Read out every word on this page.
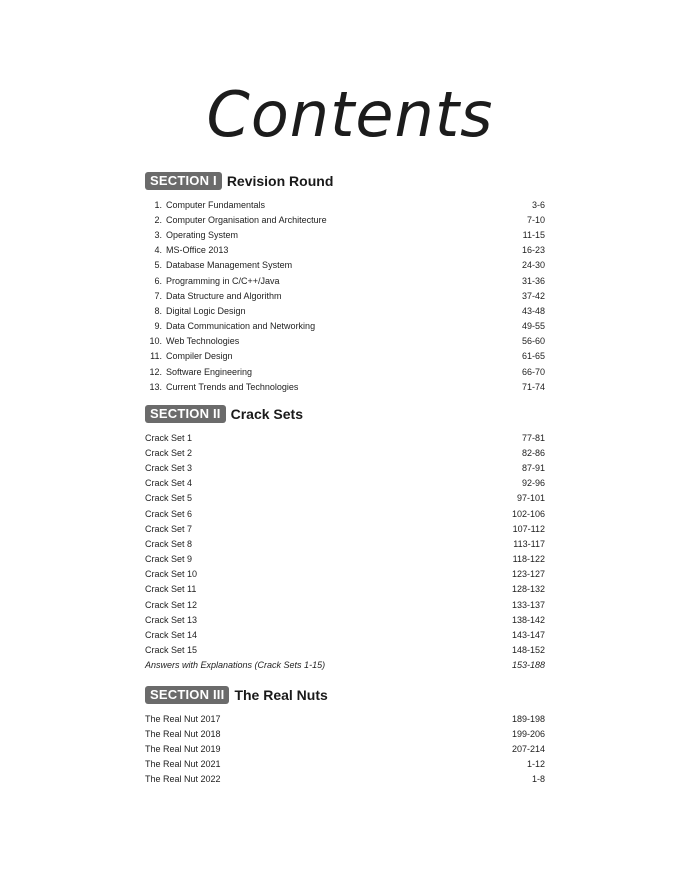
Contents
SECTION I Revision Round
1. Computer Fundamentals	3-6
2. Computer Organisation and Architecture	7-10
3. Operating System	11-15
4. MS-Office 2013	16-23
5. Database Management System	24-30
6. Programming in C/C++/Java	31-36
7. Data Structure and Algorithm	37-42
8. Digital Logic Design	43-48
9. Data Communication and Networking	49-55
10. Web Technologies	56-60
11. Compiler Design	61-65
12. Software Engineering	66-70
13. Current Trends and Technologies	71-74
SECTION II Crack Sets
Crack Set 1	77-81
Crack Set 2	82-86
Crack Set 3	87-91
Crack Set 4	92-96
Crack Set 5	97-101
Crack Set 6	102-106
Crack Set 7	107-112
Crack Set 8	113-117
Crack Set 9	118-122
Crack Set 10	123-127
Crack Set 11	128-132
Crack Set 12	133-137
Crack Set 13	138-142
Crack Set 14	143-147
Crack Set 15	148-152
Answers with Explanations (Crack Sets 1-15)	153-188
SECTION III The Real Nuts
The Real Nut 2017	189-198
The Real Nut 2018	199-206
The Real Nut 2019	207-214
The Real Nut 2021	1-12
The Real Nut 2022	1-8
